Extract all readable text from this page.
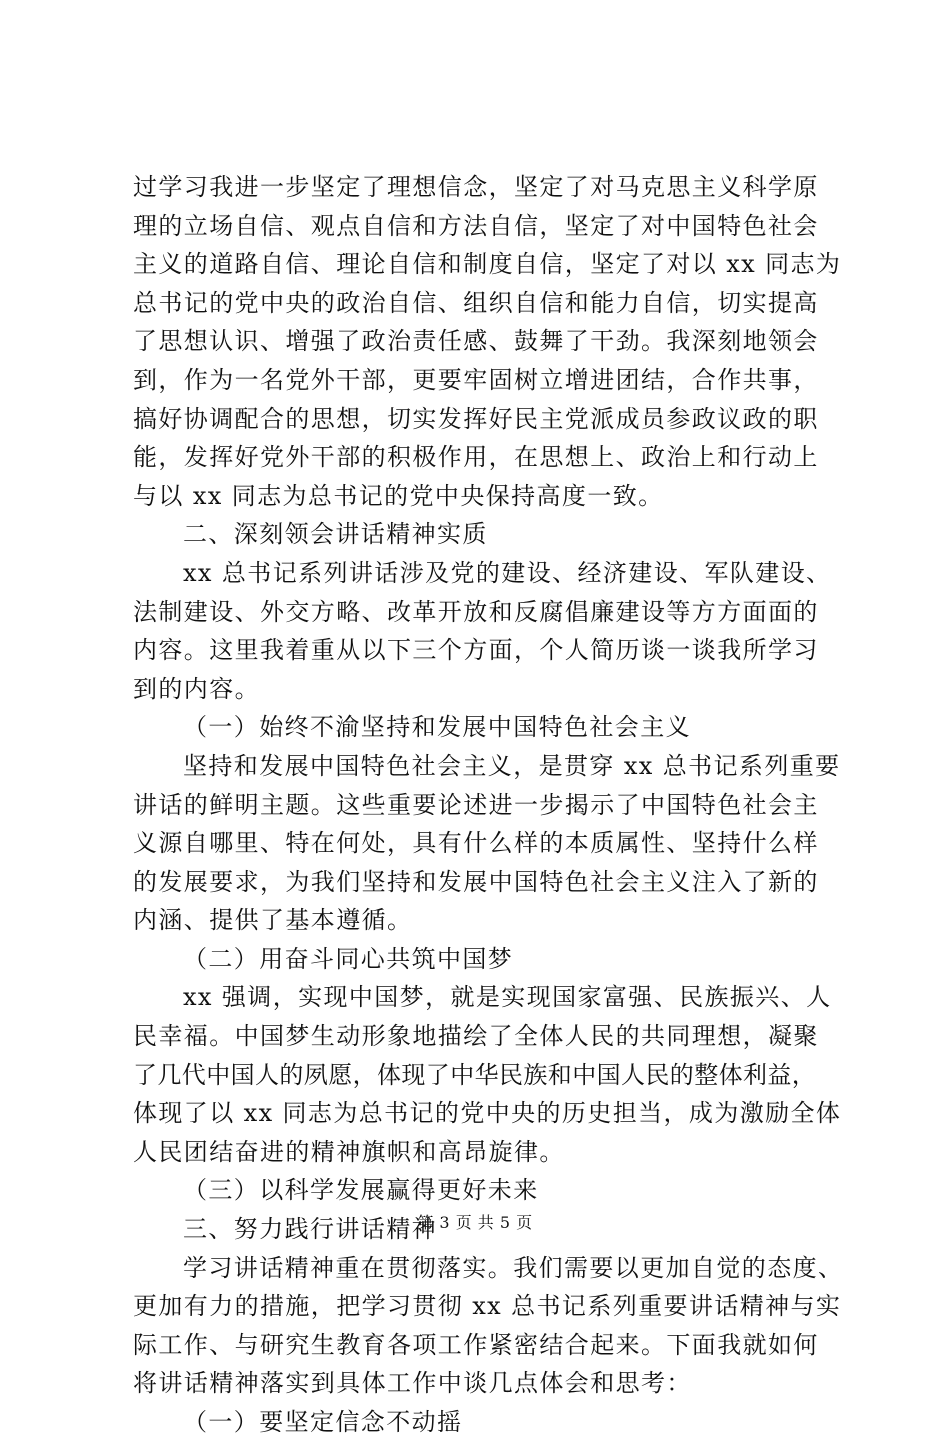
过学习我进一步坚定了理想信念，坚定了对马克思主义科学原
理的立场自信、观点自信和方法自信，坚定了对中国特色社会
主义的道路自信、理论自信和制度自信，坚定了对以 xx 同志为
总书记的党中央的政治自信、组织自信和能力自信，切实提高
了思想认识、增强了政治责任感、鼓舞了干劲。我深刻地领会
到，作为一名党外干部，更要牢固树立增进团结，合作共事，
搞好协调配合的思想，切实发挥好民主党派成员参政议政的职
能，发挥好党外干部的积极作用，在思想上、政治上和行动上
与以 xx 同志为总书记的党中央保持高度一致。
二、深刻领会讲话精神实质
xx 总书记系列讲话涉及党的建设、经济建设、军队建设、
法制建设、外交方略、改革开放和反腐倡廉建设等方方面面的
内容。这里我着重从以下三个方面，个人简历谈一谈我所学习
到的内容。
（一）始终不渝坚持和发展中国特色社会主义
坚持和发展中国特色社会主义，是贯穿 xx 总书记系列重要
讲话的鲜明主题。这些重要论述进一步揭示了中国特色社会主
义源自哪里、特在何处，具有什么样的本质属性、坚持什么样
的发展要求，为我们坚持和发展中国特色社会主义注入了新的
内涵、提供了基本遵循。
（二）用奋斗同心共筑中国梦
xx 强调，实现中国梦，就是实现国家富强、民族振兴、人
民幸福。中国梦生动形象地描绘了全体人民的共同理想，凝聚
了几代中国人的夙愿，体现了中华民族和中国人民的整体利益，
体现了以 xx 同志为总书记的党中央的历史担当，成为激励全体
人民团结奋进的精神旗帜和高昂旋律。
（三）以科学发展赢得更好未来
三、努力践行讲话精神
学习讲话精神重在贯彻落实。我们需要以更加自觉的态度、
更加有力的措施，把学习贯彻 xx 总书记系列重要讲话精神与实
际工作、与研究生教育各项工作紧密结合起来。下面我就如何
将讲话精神落实到具体工作中谈几点体会和思考：
（一）要坚定信念不动摇
第 3 页 共 5 页
